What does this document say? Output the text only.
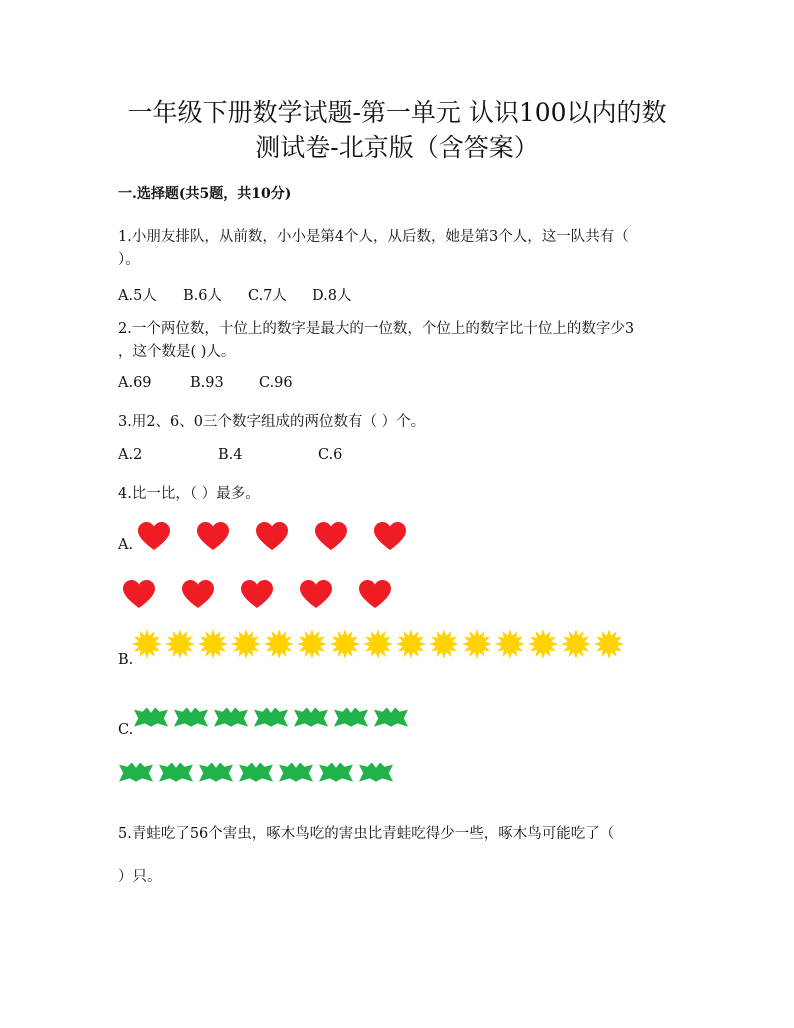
一年级下册数学试题-第一单元 认识100以内的数
测试卷-北京版（含答案）
一.选择题(共5题，共10分)
1.小朋友排队，从前数，小小是第4个人，从后数，她是第3个人，这一队共有（
）。
A.5人 B.6人 C.7人 D.8人
2.一个两位数，十位上的数字是最大的一位数，个位上的数字比十位上的数字少3
，这个数是( )人。
A.69	B.93 C.96
3.用2、6、0三个数字组成的两位数有（ ）个。
A.2	B.4	C.6
4.比一比，（ ）最多。
A.
B.
C.
5.青蛙吃了56个害虫，啄木鸟吃的害虫比青蛙吃得少一些，啄木鸟可能吃了（
）只。
